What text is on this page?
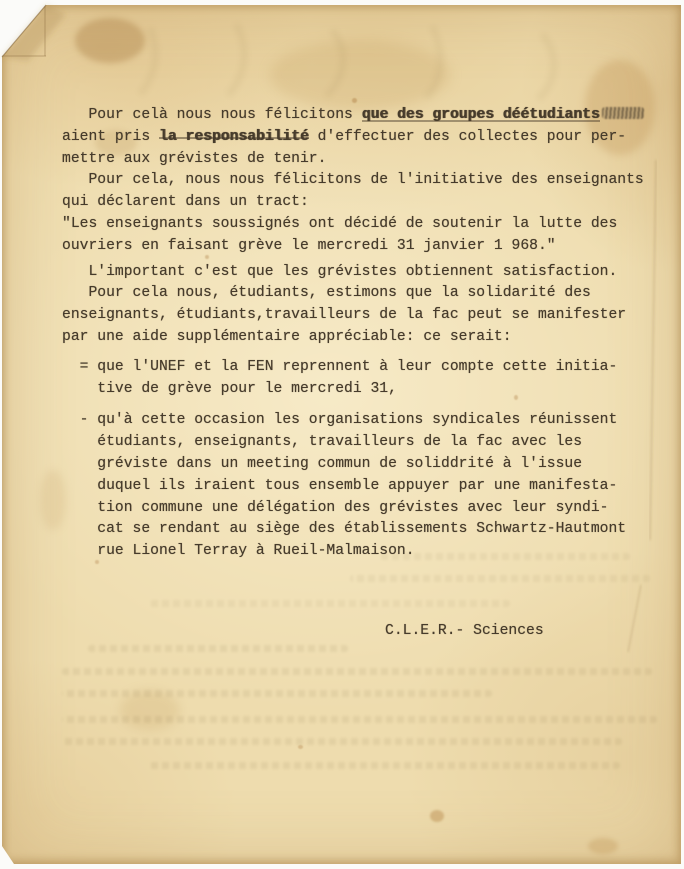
Pour celà nous nous félicitons que des groupes déétudiants
aient pris la responsabilité d'effectuer des collectes pour per-
mettre aux grévistes de tenir.
Pour cela, nous nous félicitons de l'initiative des enseignants
qui déclarent dans un tract:
"Les enseignants soussignés ont décidé de soutenir la lutte des
ouvriers en faisant grève le mercredi 31 janvier 1 968."
L'important c'est que les grévistes obtiennent satisfaction.
Pour cela nous, étudiants, estimons que la solidarité des
enseignants, étudiants,travailleurs de la fac peut se manifester
par une aide supplémentaire appréciable: ce serait:
= que l'UNEF et la FEN reprennent à leur compte cette initia-
tive de grève pour le mercredi 31,
- qu'à cette occasion les organisations syndicales réunissent
étudiants, enseignants, travailleurs de la fac avec les
gréviste dans un meeting commun de soliddrité à l'issue
duquel ils iraient tous ensemble appuyer par une manifesta-
tion commune une délégation des grévistes avec leur syndi-
cat se rendant au siège des établissements Schwartz-Hautmont
rue Lionel Terray à Rueil-Malmaison.
C.L.E.R.- Sciences
